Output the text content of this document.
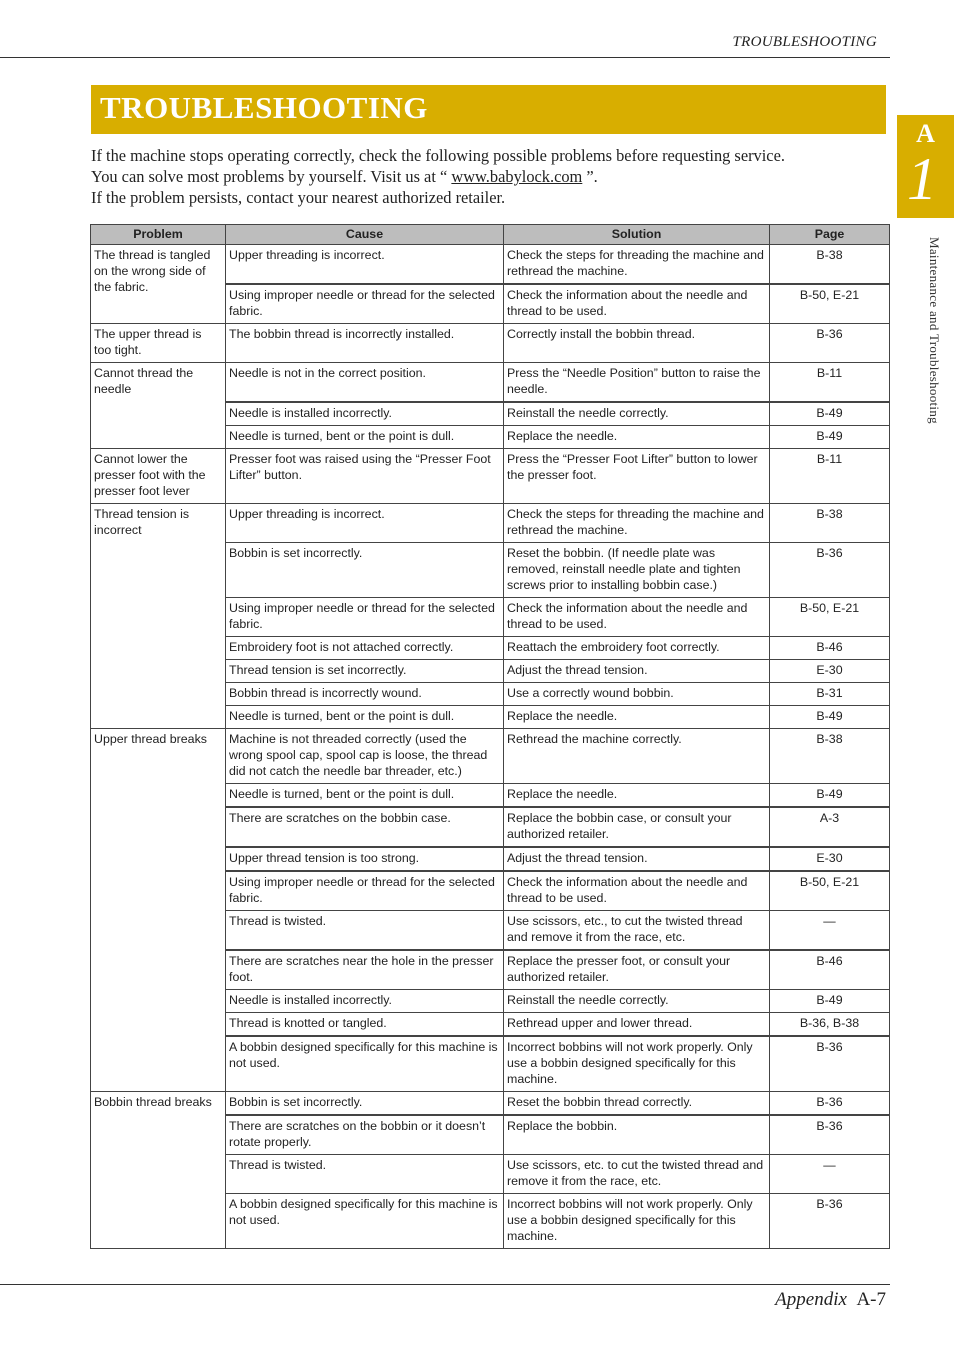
TROUBLESHOOTING
TROUBLESHOOTING
A
1
Maintenance and Troubleshooting

If the machine stops operating correctly, check the following possible problems before requesting service.

You can solve most problems by yourself. Visit us at “ www.babylock.com ”.

If the problem persists, contact your nearest authorized retailer.

Problem	Cause	Solution	Page
The thread is tangled on the wrong side of the fabric.	Upper threading is incorrect.	Check the steps for threading the machine and rethread the machine.	B-38
	Using improper needle or thread for the selected fabric.	Check the information about the needle and thread to be used.	B-50, E-21
The upper thread is too tight.	The bobbin thread is incorrectly installed.	Correctly install the bobbin thread.	B-36
Cannot thread the needle	Needle is not in the correct position.	Press the “Needle Position” button to raise the needle.	B-11
	Needle is installed incorrectly.	Reinstall the needle correctly.	B-49
	Needle is turned, bent or the point is dull.	Replace the needle.	B-49
Cannot lower the presser foot with the presser foot lever	Presser foot was raised using the “Presser Foot Lifter” button.	Press the “Presser Foot Lifter” button to lower the presser foot.	B-11
Thread tension is incorrect	Upper threading is incorrect.	Check the steps for threading the machine and rethread the machine.	B-38
	Bobbin is set incorrectly.	Reset the bobbin. (If needle plate was removed, reinstall needle plate and tighten screws prior to installing bobbin case.)	B-36
	Using improper needle or thread for the selected fabric.	Check the information about the needle and thread to be used.	B-50, E-21
	Embroidery foot is not attached correctly.	Reattach the embroidery foot correctly.	B-46
	Thread tension is set incorrectly.	Adjust the thread tension.	E-30
	Bobbin thread is incorrectly wound.	Use a correctly wound bobbin.	B-31
	Needle is turned, bent or the point is dull.	Replace the needle.	B-49
Upper thread breaks	Machine is not threaded correctly (used the wrong spool cap, spool cap is loose, the thread did not catch the needle bar threader, etc.)	Rethread the machine correctly.	B-38
	Needle is turned, bent or the point is dull.	Replace the needle.	B-49
	There are scratches on the bobbin case.	Replace the bobbin case, or consult your authorized retailer.	A-3
	Upper thread tension is too strong.	Adjust the thread tension.	E-30
	Using improper needle or thread for the selected fabric.	Check the information about the needle and thread to be used.	B-50, E-21
	Thread is twisted.	Use scissors, etc., to cut the twisted thread and remove it from the race, etc.	—
	There are scratches near the hole in the presser foot.	Replace the presser foot, or consult your authorized retailer.	B-46
	Needle is installed incorrectly.	Reinstall the needle correctly.	B-49
	Thread is knotted or tangled.	Rethread upper and lower thread.	B-36, B-38
	A bobbin designed specifically for this machine is not used.	Incorrect bobbins will not work properly. Only use a bobbin designed specifically for this machine.	B-36
Bobbin thread breaks	Bobbin is set incorrectly.	Reset the bobbin thread correctly.	B-36
	There are scratches on the bobbin or it doesn’t rotate properly.	Replace the bobbin.	B-36
	Thread is twisted.	Use scissors, etc. to cut the twisted thread and remove it from the race, etc.	—
	A bobbin designed specifically for this machine is not used.	Incorrect bobbins will not work properly. Only use a bobbin designed specifically for this machine.	B-36
Appendix A-7
